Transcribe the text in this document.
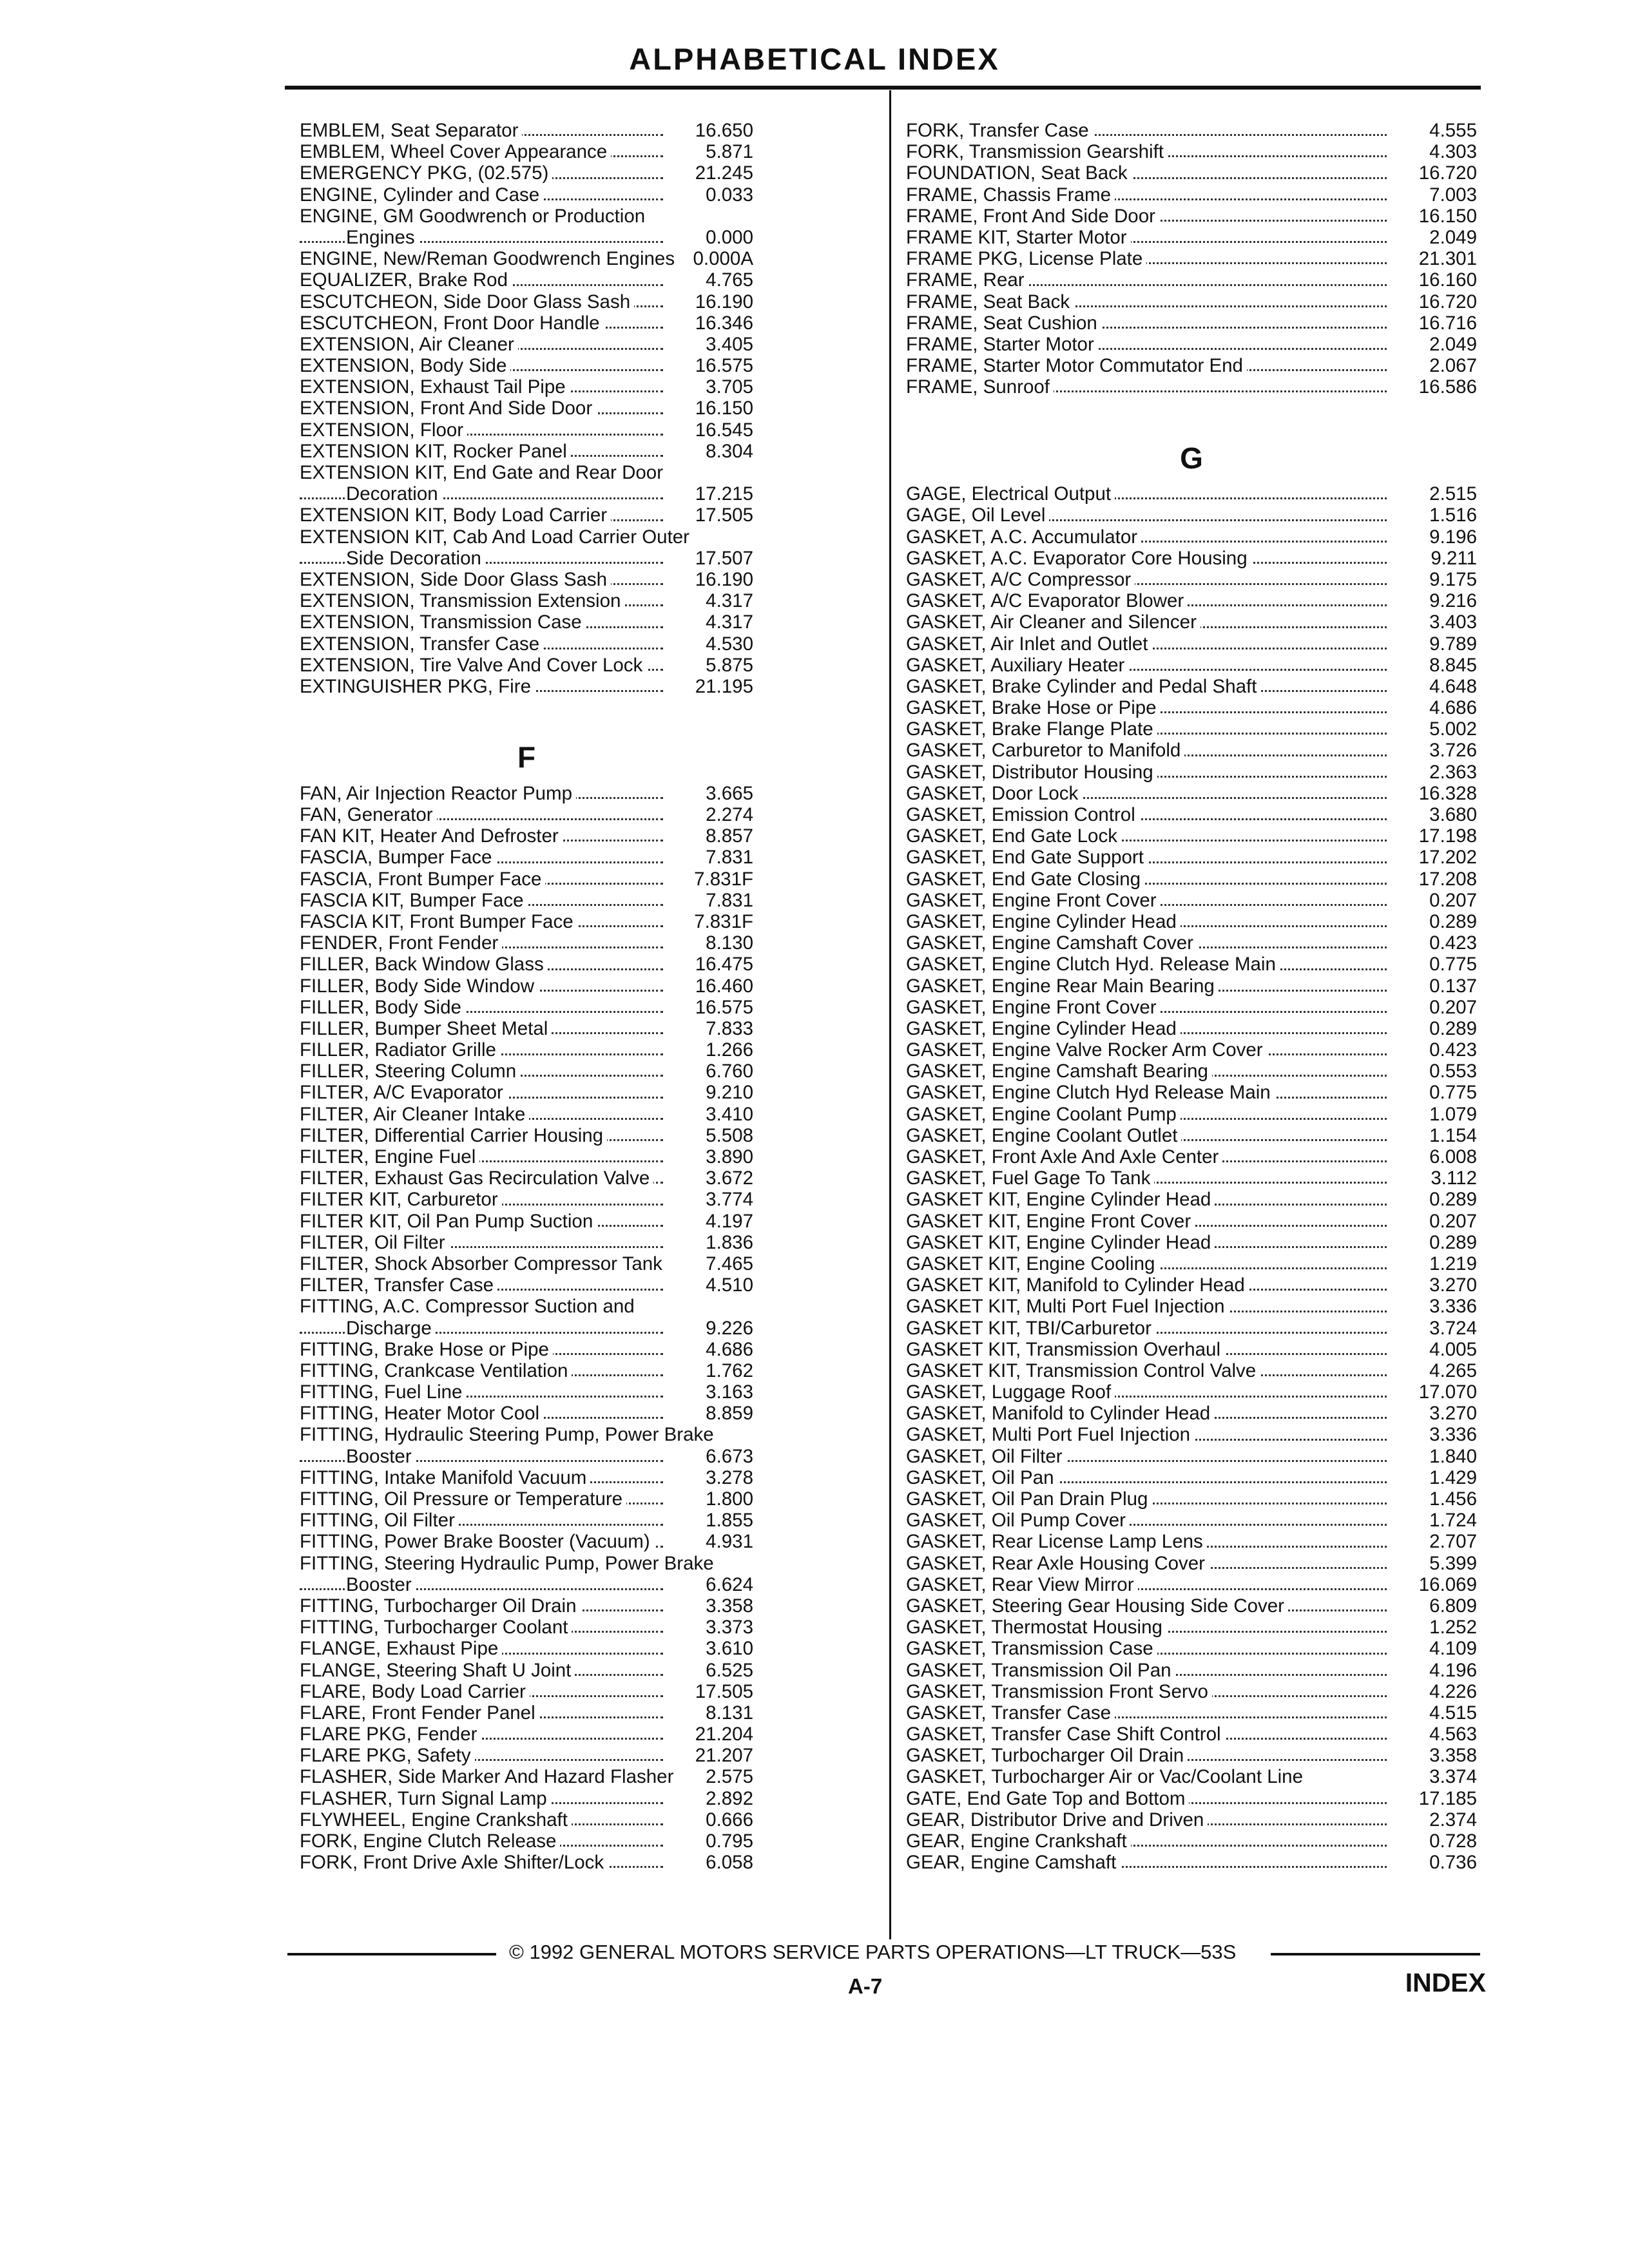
ALPHABETICAL INDEX
EMBLEM, Seat Separator	16.650
EMBLEM, Wheel Cover Appearance	5.871
EMERGENCY PKG, (02.575)	21.245
ENGINE, Cylinder and Case	0.033
ENGINE, GM Goodwrench or Production
Engines	0.000
ENGINE, New/Reman Goodwrench Engines 0.000A
EQUALIZER, Brake Rod	4.765
ESCUTCHEON, Side Door Glass Sash	16.190
ESCUTCHEON, Front Door Handle	16.346
EXTENSION, Air Cleaner	3.405
EXTENSION, Body Side	16.575
EXTENSION, Exhaust Tail Pipe	3.705
EXTENSION, Front And Side Door	16.150
EXTENSION, Floor	16.545
EXTENSION KIT, Rocker Panel	8.304
EXTENSION KIT, End Gate and Rear Door
Decoration	17.215
EXTENSION KIT, Body Load Carrier	17.505
EXTENSION KIT, Cab And Load Carrier Outer
Side Decoration	17.507
EXTENSION, Side Door Glass Sash	16.190
EXTENSION, Transmission Extension	4.317
EXTENSION, Transmission Case	4.317
EXTENSION, Transfer Case	4.530
EXTENSION, Tire Valve And Cover Lock	5.875
EXTINGUISHER PKG, Fire	21.195
F
FAN, Air Injection Reactor Pump	3.665
FAN, Generator	2.274
FAN KIT, Heater And Defroster	8.857
FASCIA, Bumper Face	7.831
FASCIA, Front Bumper Face	7.831F
FASCIA KIT, Bumper Face	7.831
FASCIA KIT, Front Bumper Face	7.831F
FENDER, Front Fender	8.130
FILLER, Back Window Glass	16.475
FILLER, Body Side Window	16.460
FILLER, Body Side	16.575
FILLER, Bumper Sheet Metal	7.833
FILLER, Radiator Grille	1.266
FILLER, Steering Column	6.760
FILTER, A/C Evaporator	9.210
FILTER, Air Cleaner Intake	3.410
FILTER, Differential Carrier Housing	5.508
FILTER, Engine Fuel	3.890
FILTER, Exhaust Gas Recirculation Valve	3.672
FILTER KIT, Carburetor	3.774
FILTER KIT, Oil Pan Pump Suction	4.197
FILTER, Oil Filter	1.836
FILTER, Shock Absorber Compressor Tank 7.465
FILTER, Transfer Case	4.510
FITTING, A.C. Compressor Suction and
Discharge	9.226
FITTING, Brake Hose or Pipe	4.686
FITTING, Crankcase Ventilation	1.762
FITTING, Fuel Line	3.163
FITTING, Heater Motor Cool	8.859
FITTING, Hydraulic Steering Pump, Power Brake
Booster	6.673
FITTING, Intake Manifold Vacuum	3.278
FITTING, Oil Pressure or Temperature	1.800
FITTING, Oil Filter	1.855
FITTING, Power Brake Booster (Vacuum)	4.931
FITTING, Steering Hydraulic Pump, Power Brake
Booster	6.624
FITTING, Turbocharger Oil Drain	3.358
FITTING, Turbocharger Coolant	3.373
FLANGE, Exhaust Pipe	3.610
FLANGE, Steering Shaft U Joint	6.525
FLARE, Body Load Carrier	17.505
FLARE, Front Fender Panel	8.131
FLARE PKG, Fender	21.204
FLARE PKG, Safety	21.207
FLASHER, Side Marker And Hazard Flasher 2.575
FLASHER, Turn Signal Lamp	2.892
FLYWHEEL, Engine Crankshaft	0.666
FORK, Engine Clutch Release	0.795
FORK, Front Drive Axle Shifter/Lock	6.058
FORK, Transfer Case	4.555
FORK, Transmission Gearshift	4.303
FOUNDATION, Seat Back	16.720
FRAME, Chassis Frame	7.003
FRAME, Front And Side Door	16.150
FRAME KIT, Starter Motor	2.049
FRAME PKG, License Plate	21.301
FRAME, Rear	16.160
FRAME, Seat Back	16.720
FRAME, Seat Cushion	16.716
FRAME, Starter Motor	2.049
FRAME, Starter Motor Commutator End	2.067
FRAME, Sunroof	16.586
G
GAGE, Electrical Output	2.515
GAGE, Oil Level	1.516
GASKET, A.C. Accumulator	9.196
GASKET, A.C. Evaporator Core Housing	9.211
GASKET, A/C Compressor	9.175
GASKET, A/C Evaporator Blower	9.216
GASKET, Air Cleaner and Silencer	3.403
GASKET, Air Inlet and Outlet	9.789
GASKET, Auxiliary Heater	8.845
GASKET, Brake Cylinder and Pedal Shaft	4.648
GASKET, Brake Hose or Pipe	4.686
GASKET, Brake Flange Plate	5.002
GASKET, Carburetor to Manifold	3.726
GASKET, Distributor Housing	2.363
GASKET, Door Lock	16.328
GASKET, Emission Control	3.680
GASKET, End Gate Lock	17.198
GASKET, End Gate Support	17.202
GASKET, End Gate Closing	17.208
GASKET, Engine Front Cover	0.207
GASKET, Engine Cylinder Head	0.289
GASKET, Engine Camshaft Cover	0.423
GASKET, Engine Clutch Hyd. Release Main	0.775
GASKET, Engine Rear Main Bearing	0.137
GASKET, Engine Front Cover	0.207
GASKET, Engine Cylinder Head	0.289
GASKET, Engine Valve Rocker Arm Cover	0.423
GASKET, Engine Camshaft Bearing	0.553
GASKET, Engine Clutch Hyd Release Main	0.775
GASKET, Engine Coolant Pump	1.079
GASKET, Engine Coolant Outlet	1.154
GASKET, Front Axle And Axle Center	6.008
GASKET, Fuel Gage To Tank	3.112
GASKET KIT, Engine Cylinder Head	0.289
GASKET KIT, Engine Front Cover	0.207
GASKET KIT, Engine Cylinder Head	0.289
GASKET KIT, Engine Cooling	1.219
GASKET KIT, Manifold to Cylinder Head	3.270
GASKET KIT, Multi Port Fuel Injection	3.336
GASKET KIT, TBI/Carburetor	3.724
GASKET KIT, Transmission Overhaul	4.005
GASKET KIT, Transmission Control Valve	4.265
GASKET, Luggage Roof	17.070
GASKET, Manifold to Cylinder Head	3.270
GASKET, Multi Port Fuel Injection	3.336
GASKET, Oil Filter	1.840
GASKET, Oil Pan	1.429
GASKET, Oil Pan Drain Plug	1.456
GASKET, Oil Pump Cover	1.724
GASKET, Rear License Lamp Lens	2.707
GASKET, Rear Axle Housing Cover	5.399
GASKET, Rear View Mirror	16.069
GASKET, Steering Gear Housing Side Cover	6.809
GASKET, Thermostat Housing	1.252
GASKET, Transmission Case	4.109
GASKET, Transmission Oil Pan	4.196
GASKET, Transmission Front Servo	4.226
GASKET, Transfer Case	4.515
GASKET, Transfer Case Shift Control	4.563
GASKET, Turbocharger Oil Drain	3.358
GASKET, Turbocharger Air or Vac/Coolant Line	3.374
GATE, End Gate Top and Bottom	17.185
GEAR, Distributor Drive and Driven	2.374
GEAR, Engine Crankshaft	0.728
GEAR, Engine Camshaft	0.736
© 1992 GENERAL MOTORS SERVICE PARTS OPERATIONS—LT TRUCK—53S
A-7	INDEX
